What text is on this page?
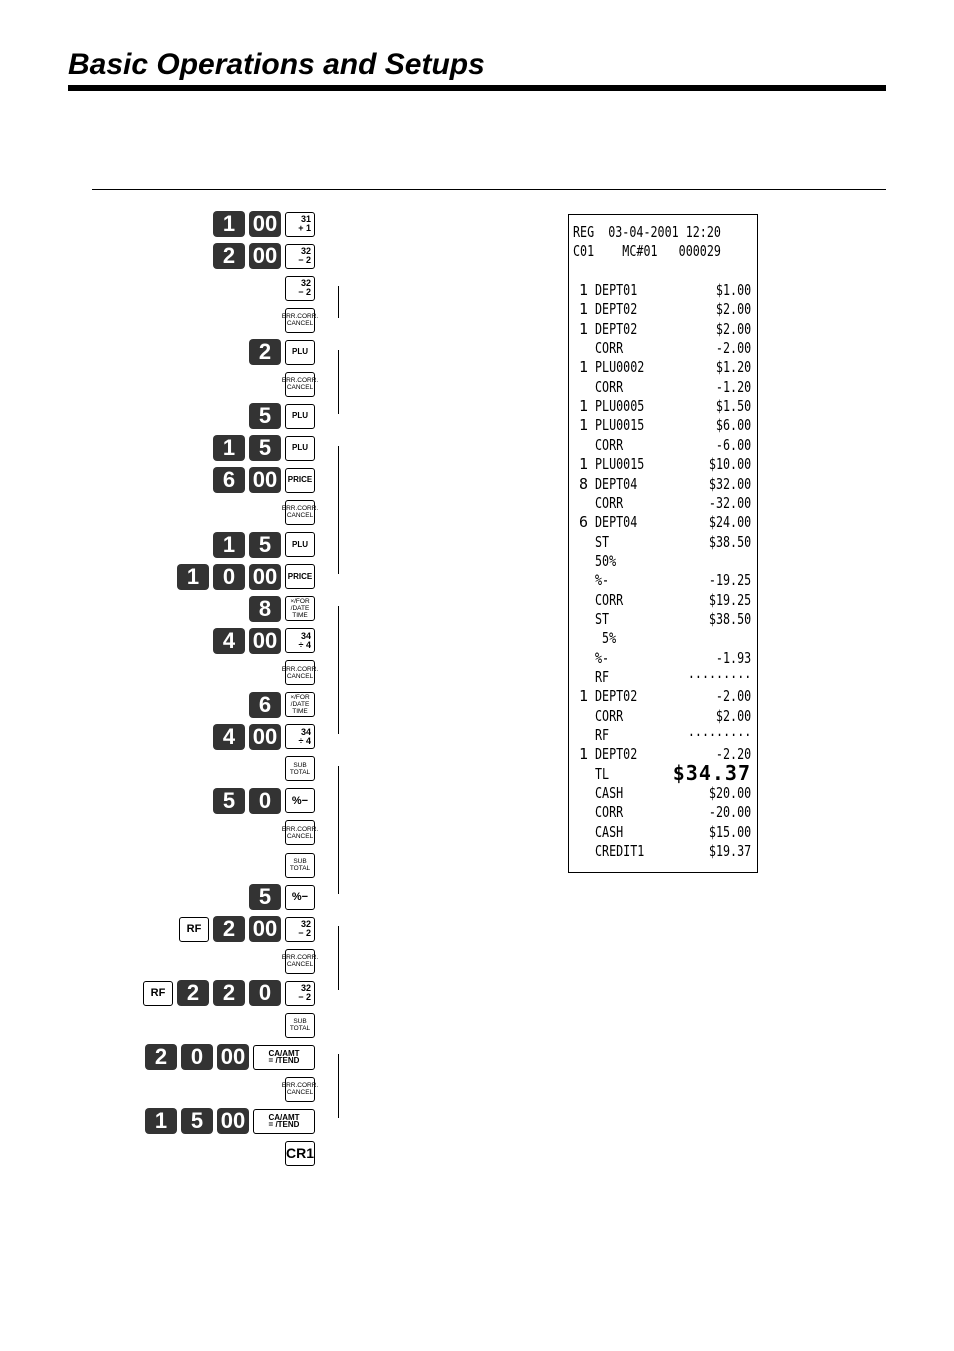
Basic Operations and Setups
1 00	31
+ 1
2 00	32
− 2
32
− 2
ERR.CORR.
CANCEL
2	PLU
ERR.CORR.
CANCEL
5	PLU
1	5	PLU
6 00	PRICE
ERR.CORR.
CANCEL
1	5	PLU
1	0 00	PRICE
8	×/FOR
/DATE TIME
4 00	34
÷ 4
ERR.CORR.
CANCEL
6	×/FOR
/DATE TIME
4 00	34
÷ 4
SUB
TOTAL
5	0	%−
ERR.CORR.
CANCEL
SUB
TOTAL
5	%−
RF 2 00	32
− 2
ERR.CORR.
CANCEL
RF 2	2	0	32
− 2
SUB
TOTAL
2	0 00	CA/AMT
= /TEND
ERR.CORR.
CANCEL
1	5 00	CA/AMT
= /TEND
CR1
REG  03-04-2001 12:20
C01    MC#01   000029
1 DEPT01	$1.00
1 DEPT02	$2.00
1 DEPT02	$2.00
CORR	-2.00
1 PLU0002	$1.20
CORR	-1.20
1 PLU0005	$1.50
1 PLU0015	$6.00
CORR	-6.00
1 PLU0015	$10.00
8 DEPT04	$32.00
CORR	-32.00
6 DEPT04	$24.00
ST	$38.50
50%
%-	-19.25
CORR	$19.25
ST	$38.50
5%
%-	-1.93
RF	·········
1 DEPT02	-2.00
CORR	$2.00
RF	·········
1 DEPT02	-2.20
TL	$34.37
CASH	$20.00
CORR	-20.00
CASH	$15.00
CREDIT1	$19.37
